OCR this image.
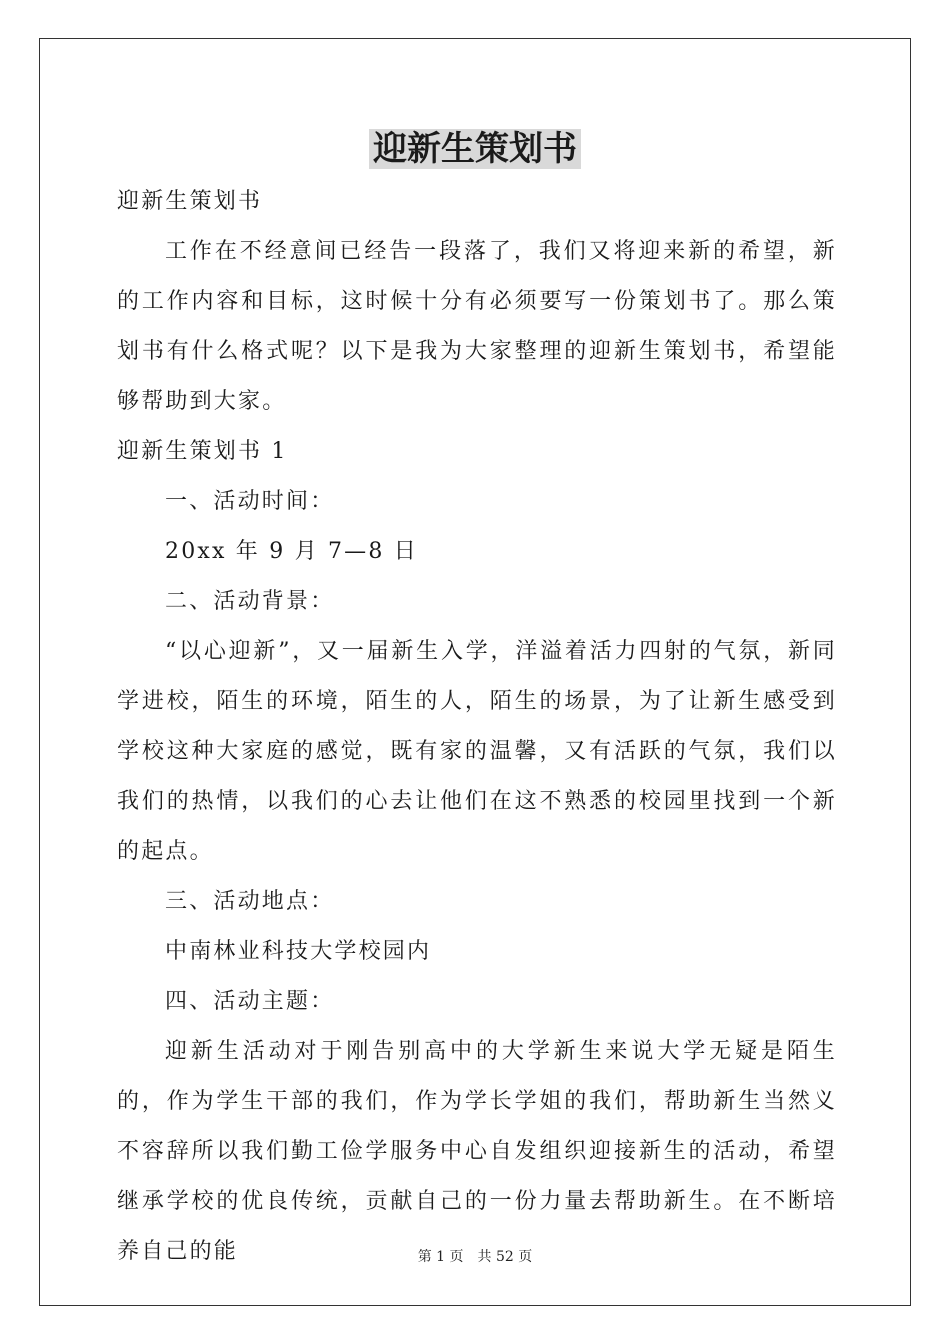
迎新生策划书

迎新生策划书

工作在不经意间已经告一段落了，我们又将迎来新的希望，新的工作内容和目标，这时候十分有必须要写一份策划书了。那么策划书有什么格式呢？以下是我为大家整理的迎新生策划书，希望能够帮助到大家。

迎新生策划书 1

一、活动时间：

20xx 年 9 月 7—8 日

二、活动背景：

“以心迎新”，又一届新生入学，洋溢着活力四射的气氛，新同学进校，陌生的环境，陌生的人，陌生的场景，为了让新生感受到学校这种大家庭的感觉，既有家的温馨，又有活跃的气氛，我们以我们的热情，以我们的心去让他们在这不熟悉的校园里找到一个新的起点。

三、活动地点：

中南林业科技大学校园内

四、活动主题：

迎新生活动对于刚告别高中的大学新生来说大学无疑是陌生的，作为学生干部的我们，作为学长学姐的我们，帮助新生当然义不容辞所以我们勤工俭学服务中心自发组织迎接新生的活动，希望继承学校的优良传统，贡献自己的一份力量去帮助新生。在不断培养自己的能	第 1 页 共 52 页
